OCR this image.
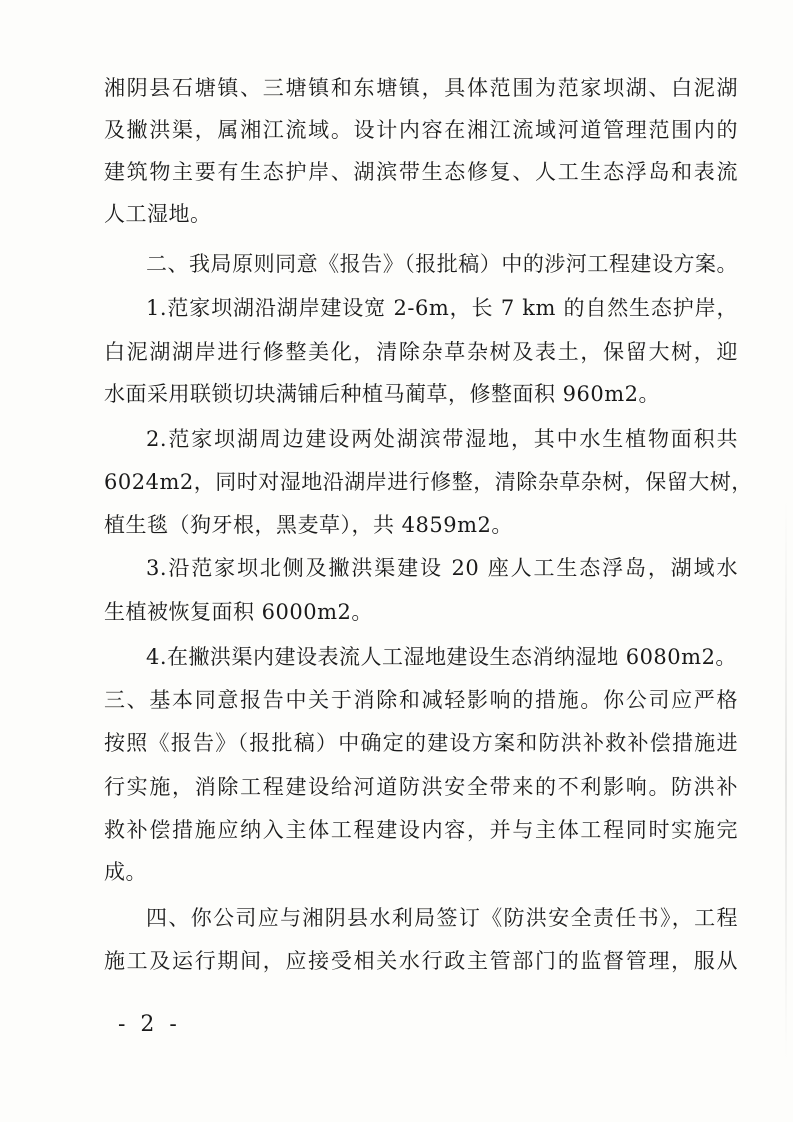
湘阴县石塘镇、三塘镇和东塘镇，具体范围为范家坝湖、白泥湖
及撇洪渠，属湘江流域。设计内容在湘江流域河道管理范围内的
建筑物主要有生态护岸、湖滨带生态修复、人工生态浮岛和表流
人工湿地。
二、我局原则同意《报告》（报批稿）中的涉河工程建设方案。
1.范家坝湖沿湖岸建设宽 2-6m，长 7 km 的自然生态护岸，
白泥湖湖岸进行修整美化，清除杂草杂树及表土，保留大树，迎
水面采用联锁切块满铺后种植马蔺草，修整面积 960m2。
2.范家坝湖周边建设两处湖滨带湿地，其中水生植物面积共
6024m2，同时对湿地沿湖岸进行修整，清除杂草杂树，保留大树，
植生毯（狗牙根，黑麦草），共 4859m2。
3.沿范家坝北侧及撇洪渠建设 20 座人工生态浮岛，湖域水
生植被恢复面积 6000m2。
4.在撇洪渠内建设表流人工湿地建设生态消纳湿地 6080m2。
三、基本同意报告中关于消除和减轻影响的措施。你公司应严格
按照《报告》（报批稿）中确定的建设方案和防洪补救补偿措施进
行实施，消除工程建设给河道防洪安全带来的不利影响。防洪补
救补偿措施应纳入主体工程建设内容，并与主体工程同时实施完
成。
四、你公司应与湘阴县水利局签订《防洪安全责任书》，工程
施工及运行期间，应接受相关水行政主管部门的监督管理，服从
- 2 -
